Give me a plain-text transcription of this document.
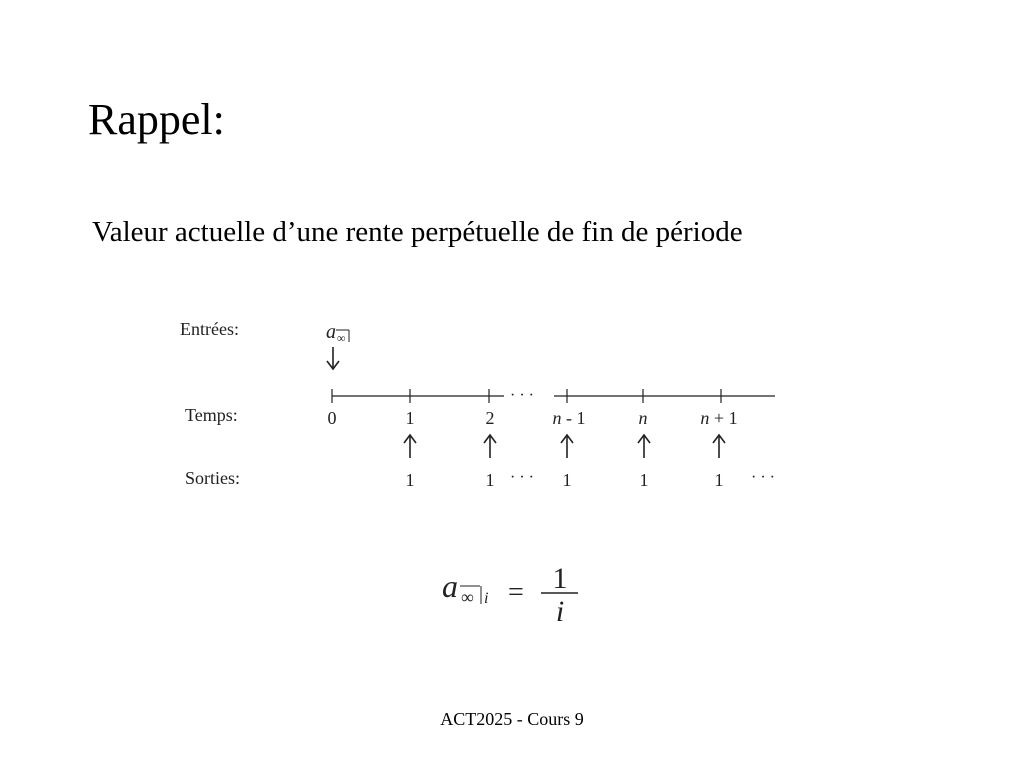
Rappel:
Valeur actuelle d’une rente perpétuelle de fin de période
Entrées:
Temps:
Sorties:
a ∞
· · ·
0	1	2	n - 1	n	n + 1
1	1 · · · 1	1	1 · · ·
a ∞ i = 1
i
ACT2025 - Cours 9
